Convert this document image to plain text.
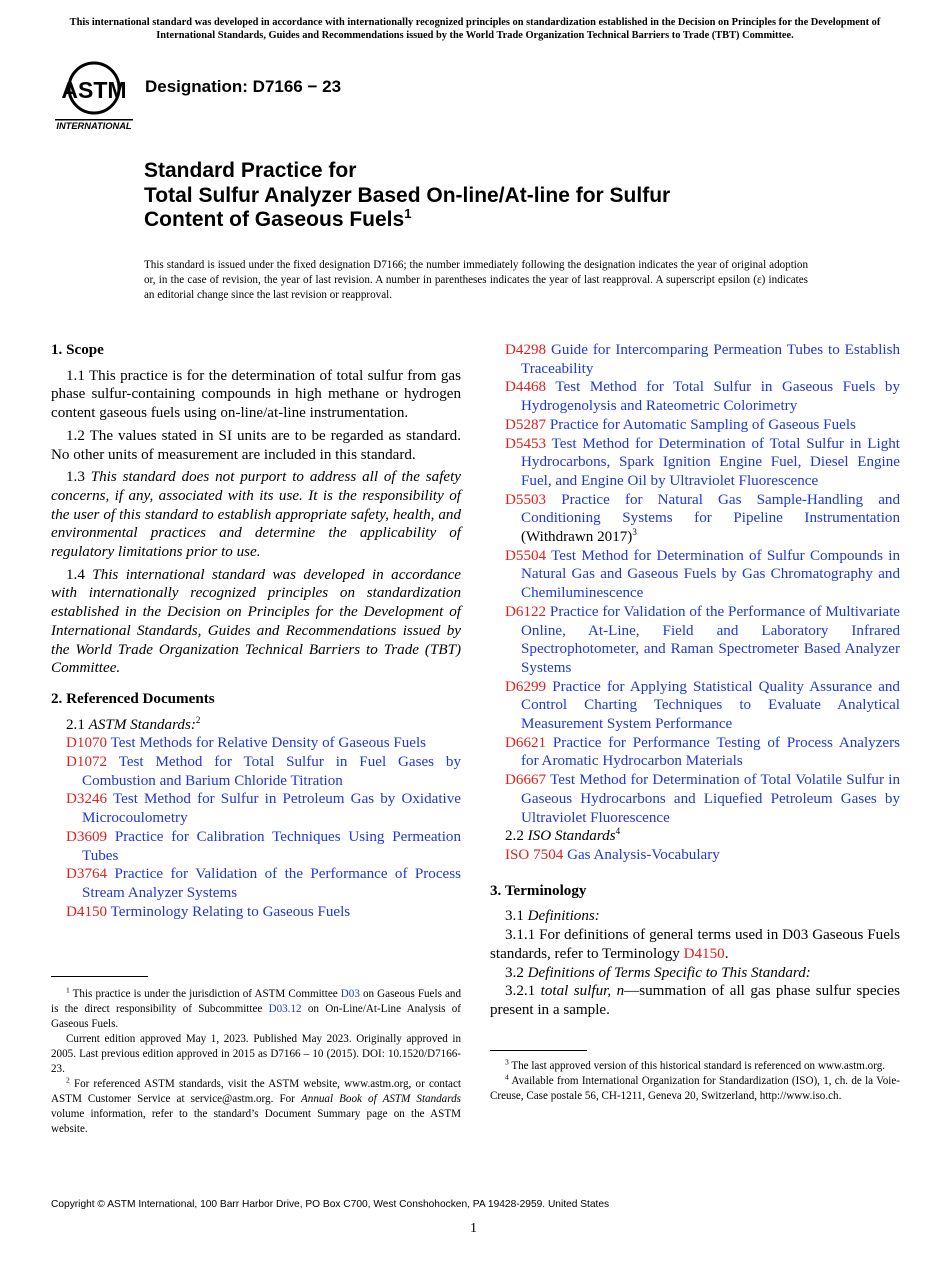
This international standard was developed in accordance with internationally recognized principles on standardization established in the Decision on Principles for the Development of International Standards, Guides and Recommendations issued by the World Trade Organization Technical Barriers to Trade (TBT) Committee.
ASTM
INTERNATIONAL
Designation: D7166 − 23
Standard Practice for
Total Sulfur Analyzer Based On-line/At-line for Sulfur
Content of Gaseous Fuels$^1$
This standard is issued under the fixed designation D7166; the number immediately following the designation indicates the year of original adoption or, in the case of revision, the year of last revision. A number in parentheses indicates the year of last reapproval. A superscript epsilon (ε) indicates an editorial change since the last revision or reapproval.
1. Scope

1.1 This practice is for the determination of total sulfur from gas phase sulfur-containing compounds in high methane or hydrogen content gaseous fuels using on-line/at-line instrumentation.

1.2 The values stated in SI units are to be regarded as standard. No other units of measurement are included in this standard.

1.3 This standard does not purport to address all of the safety concerns, if any, associated with its use. It is the responsibility of the user of this standard to establish appropriate safety, health, and environmental practices and determine the applicability of regulatory limitations prior to use.

1.4 This international standard was developed in accordance with internationally recognized principles on standardization established in the Decision on Principles for the Development of International Standards, Guides and Recommendations issued by the World Trade Organization Technical Barriers to Trade (TBT) Committee.

2. Referenced Documents
2.1 ASTM Standards:$^2$

D1070 Test Methods for Relative Density of Gaseous Fuels

D1072 Test Method for Total Sulfur in Fuel Gases by Combustion and Barium Chloride Titration

D3246 Test Method for Sulfur in Petroleum Gas by Oxidative Microcoulometry

D3609 Practice for Calibration Techniques Using Permeation Tubes

D3764 Practice for Validation of the Performance of Process Stream Analyzer Systems

D4150 Terminology Relating to Gaseous Fuels

D4298 Guide for Intercomparing Permeation Tubes to Establish Traceability

D4468 Test Method for Total Sulfur in Gaseous Fuels by Hydrogenolysis and Rateometric Colorimetry

D5287 Practice for Automatic Sampling of Gaseous Fuels

D5453 Test Method for Determination of Total Sulfur in Light Hydrocarbons, Spark Ignition Engine Fuel, Diesel Engine Fuel, and Engine Oil by Ultraviolet Fluorescence

D5503 Practice for Natural Gas Sample-Handling and Conditioning Systems for Pipeline Instrumentation (Withdrawn 2017)$^3$

D5504 Test Method for Determination of Sulfur Compounds in Natural Gas and Gaseous Fuels by Gas Chromatography and Chemiluminescence

D6122 Practice for Validation of the Performance of Multivariate Online, At-Line, Field and Laboratory Infrared Spectrophotometer, and Raman Spectrometer Based Analyzer Systems

D6299 Practice for Applying Statistical Quality Assurance and Control Charting Techniques to Evaluate Analytical Measurement System Performance

D6621 Practice for Performance Testing of Process Analyzers for Aromatic Hydrocarbon Materials

D6667 Test Method for Determination of Total Volatile Sulfur in Gaseous Hydrocarbons and Liquefied Petroleum Gases by Ultraviolet Fluorescence

2.2 ISO Standards$^4$

ISO 7504 Gas Analysis-Vocabulary

3. Terminology
3.1 Definitions:

3.1.1 For definitions of general terms used in D03 Gaseous Fuels standards, refer to Terminology D4150.

3.2 Definitions of Terms Specific to This Standard:

3.2.1 total sulfur, n—summation of all gas phase sulfur species present in a sample.

$^1$ This practice is under the jurisdiction of ASTM Committee D03 on Gaseous Fuels and is the direct responsibility of Subcommittee D03.12 on On-Line/At-Line Analysis of Gaseous Fuels.
Current edition approved May 1, 2023. Published May 2023. Originally approved in 2005. Last previous edition approved in 2015 as D7166 – 10 (2015). DOI: 10.1520/D7166-23.
$^2$ For referenced ASTM standards, visit the ASTM website, www.astm.org, or contact ASTM Customer Service at service@astm.org. For Annual Book of ASTM Standards volume information, refer to the standard’s Document Summary page on the ASTM website.
$^3$ The last approved version of this historical standard is referenced on www.astm.org.
$^4$ Available from International Organization for Standardization (ISO), 1, ch. de la Voie-Creuse, Case postale 56, CH-1211, Geneva 20, Switzerland, http://www.iso.ch.
Copyright © ASTM International, 100 Barr Harbor Drive, PO Box C700, West Conshohocken, PA 19428-2959. United States
1
